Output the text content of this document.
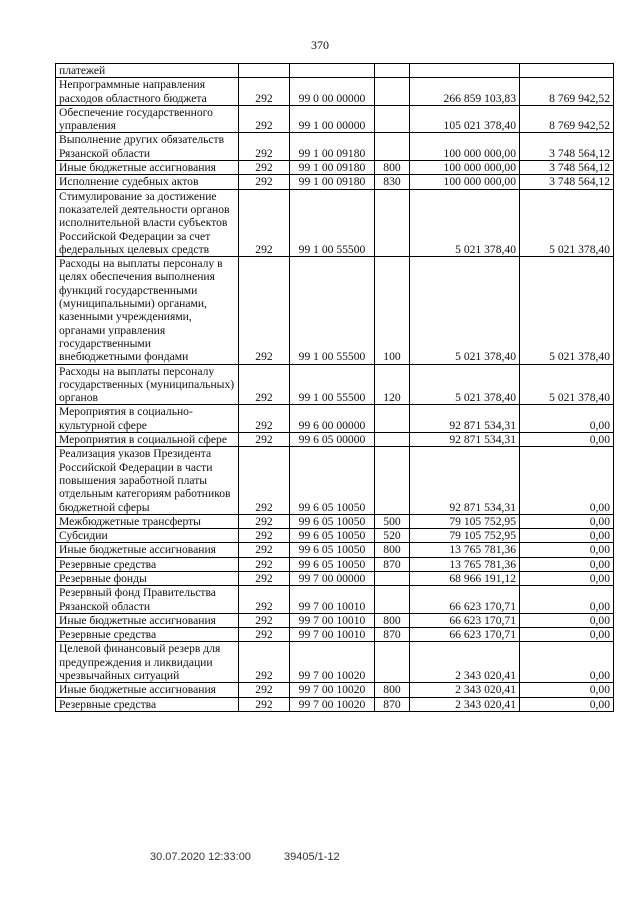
370
платежей					
Непрограммные направления расходов областного бюджета	292	99 0 00 00000		266 859 103,83	8 769 942,52
Обеспечение государственного управления	292	99 1 00 00000		105 021 378,40	8 769 942,52
Выполнение других обязательств Рязанской области	292	99 1 00 09180		100 000 000,00	3 748 564,12
Иные бюджетные ассигнования	292	99 1 00 09180	800	100 000 000,00	3 748 564,12
Исполнение судебных актов	292	99 1 00 09180	830	100 000 000,00	3 748 564,12
Стимулирование за достижение показателей деятельности органов исполнительной власти субъектов Российской Федерации за счет федеральных целевых средств	292	99 1 00 55500		5 021 378,40	5 021 378,40
Расходы на выплаты персоналу в целях обеспечения выполнения функций государственными (муниципальными) органами, казенными учреждениями, органами управления государственными внебюджетными фондами	292	99 1 00 55500	100	5 021 378,40	5 021 378,40
Расходы на выплаты персоналу государственных (муниципальных) органов	292	99 1 00 55500	120	5 021 378,40	5 021 378,40
Мероприятия в социально-культурной сфере	292	99 6 00 00000		92 871 534,31	0,00
Мероприятия в социальной сфере	292	99 6 05 00000		92 871 534,31	0,00
Реализация указов Президента Российской Федерации в части повышения заработной платы отдельным категориям работников бюджетной сферы	292	99 6 05 10050		92 871 534,31	0,00
Межбюджетные трансферты	292	99 6 05 10050	500	79 105 752,95	0,00
Субсидии	292	99 6 05 10050	520	79 105 752,95	0,00
Иные бюджетные ассигнования	292	99 6 05 10050	800	13 765 781,36	0,00
Резервные средства	292	99 6 05 10050	870	13 765 781,36	0,00
Резервные фонды	292	99 7 00 00000		68 966 191,12	0,00
Резервный фонд Правительства Рязанской области	292	99 7 00 10010		66 623 170,71	0,00
Иные бюджетные ассигнования	292	99 7 00 10010	800	66 623 170,71	0,00
Резервные средства	292	99 7 00 10010	870	66 623 170,71	0,00
Целевой финансовый резерв для предупреждения и ликвидации чрезвычайных ситуаций	292	99 7 00 10020		2 343 020,41	0,00
Иные бюджетные ассигнования	292	99 7 00 10020	800	2 343 020,41	0,00
Резервные средства	292	99 7 00 10020	870	2 343 020,41	0,00
30.07.2020 12:33:00	39405/1-12
